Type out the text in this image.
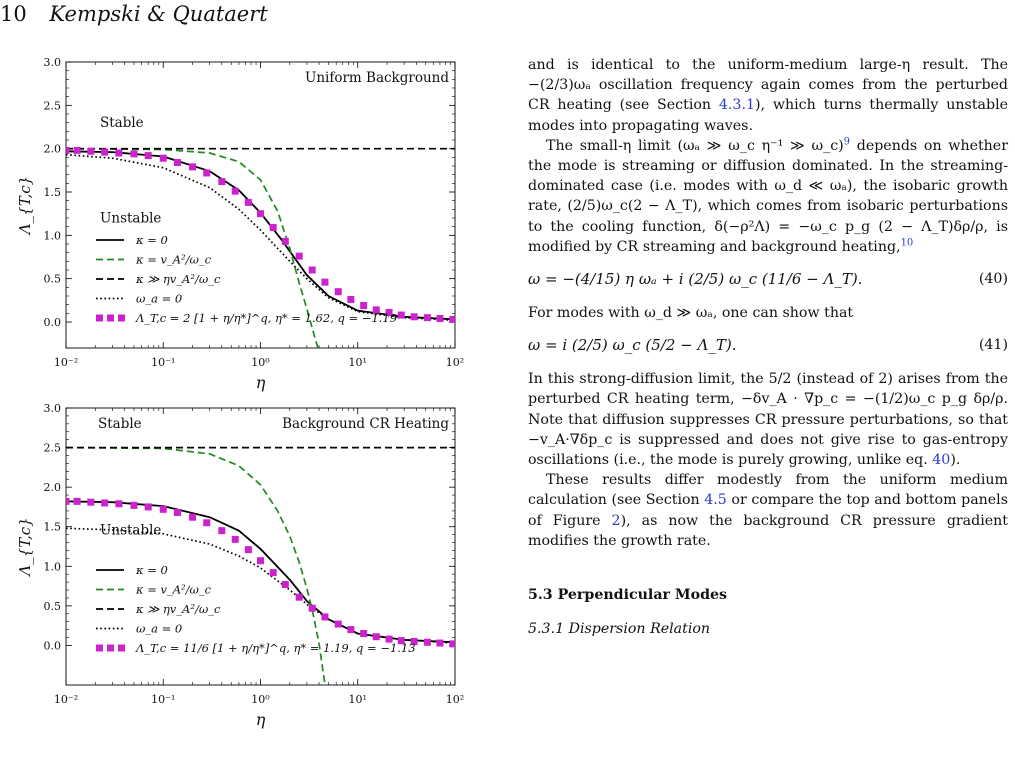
10 Kempski & Quataert
10⁻²	10⁻¹	10⁰	10¹	10²
0.0
0.5
1.0
1.5
2.0
2.5
3.0
η
Λ_{T,c}
Uniform Background
Stable
Unstable
κ = 0
κ = v_A²/ω_c
κ ≫ ηv_A²/ω_c
ω_a = 0
Λ_T,c = 2 [1 + η/η*]^q, η* = 1.62, q = −1.19
10⁻²	10⁻¹	10⁰	10¹	10²
0.0
0.5
1.0
1.5
2.0
2.5
3.0
η
Λ_{T,c}
Background CR Heating
Stable
Unstable
κ = 0
κ = v_A²/ω_c
κ ≫ ηv_A²/ω_c
ω_a = 0
Λ_T,c = 11/6 [1 + η/η*]^q, η* = 1.19, q = −1.13

and is identical to the uniform-medium large-η result. The −(2/3)ωₐ oscillation frequency again comes from the perturbed CR heating (see Section 4.3.1), which turns thermally unstable modes into propagating waves.

The small-η limit (ωₐ ≫ ω_c η⁻¹ ≫ ω_c)$^9$ depends on whether the mode is streaming or diffusion dominated. In the streaming-dominated case (i.e. modes with ω_d ≪ ωₐ), the isobaric growth rate, (2/5)ω_c(2 − Λ_T), which comes from isobaric perturbations to the cooling function, δ(−ρ²Λ) = −ω_c p_g (2 − Λ_T)δρ/ρ, is modified by CR streaming and background heating,$^{10}$

ω = −(4/15) η ωₐ + i (2/5) ω_c (11/6 − Λ_T).	(40)

For modes with ω_d ≫ ωₐ, one can show that

ω = i (2/5) ω_c (5/2 − Λ_T).	(41)

In this strong-diffusion limit, the 5/2 (instead of 2) arises from the perturbed CR heating term, −δv_A · ∇p_c = −(1/2)ω_c p_g δρ/ρ. Note that diffusion suppresses CR pressure perturbations, so that −v_A·∇δp_c is suppressed and does not give rise to gas-entropy oscillations (i.e., the mode is purely growing, unlike eq. 40).

These results differ modestly from the uniform medium calculation (see Section 4.5 or compare the top and bottom panels of Figure 2), as now the background CR pressure gradient modifies the growth rate.

5.3 Perpendicular Modes
5.3.1 Dispersion Relation
